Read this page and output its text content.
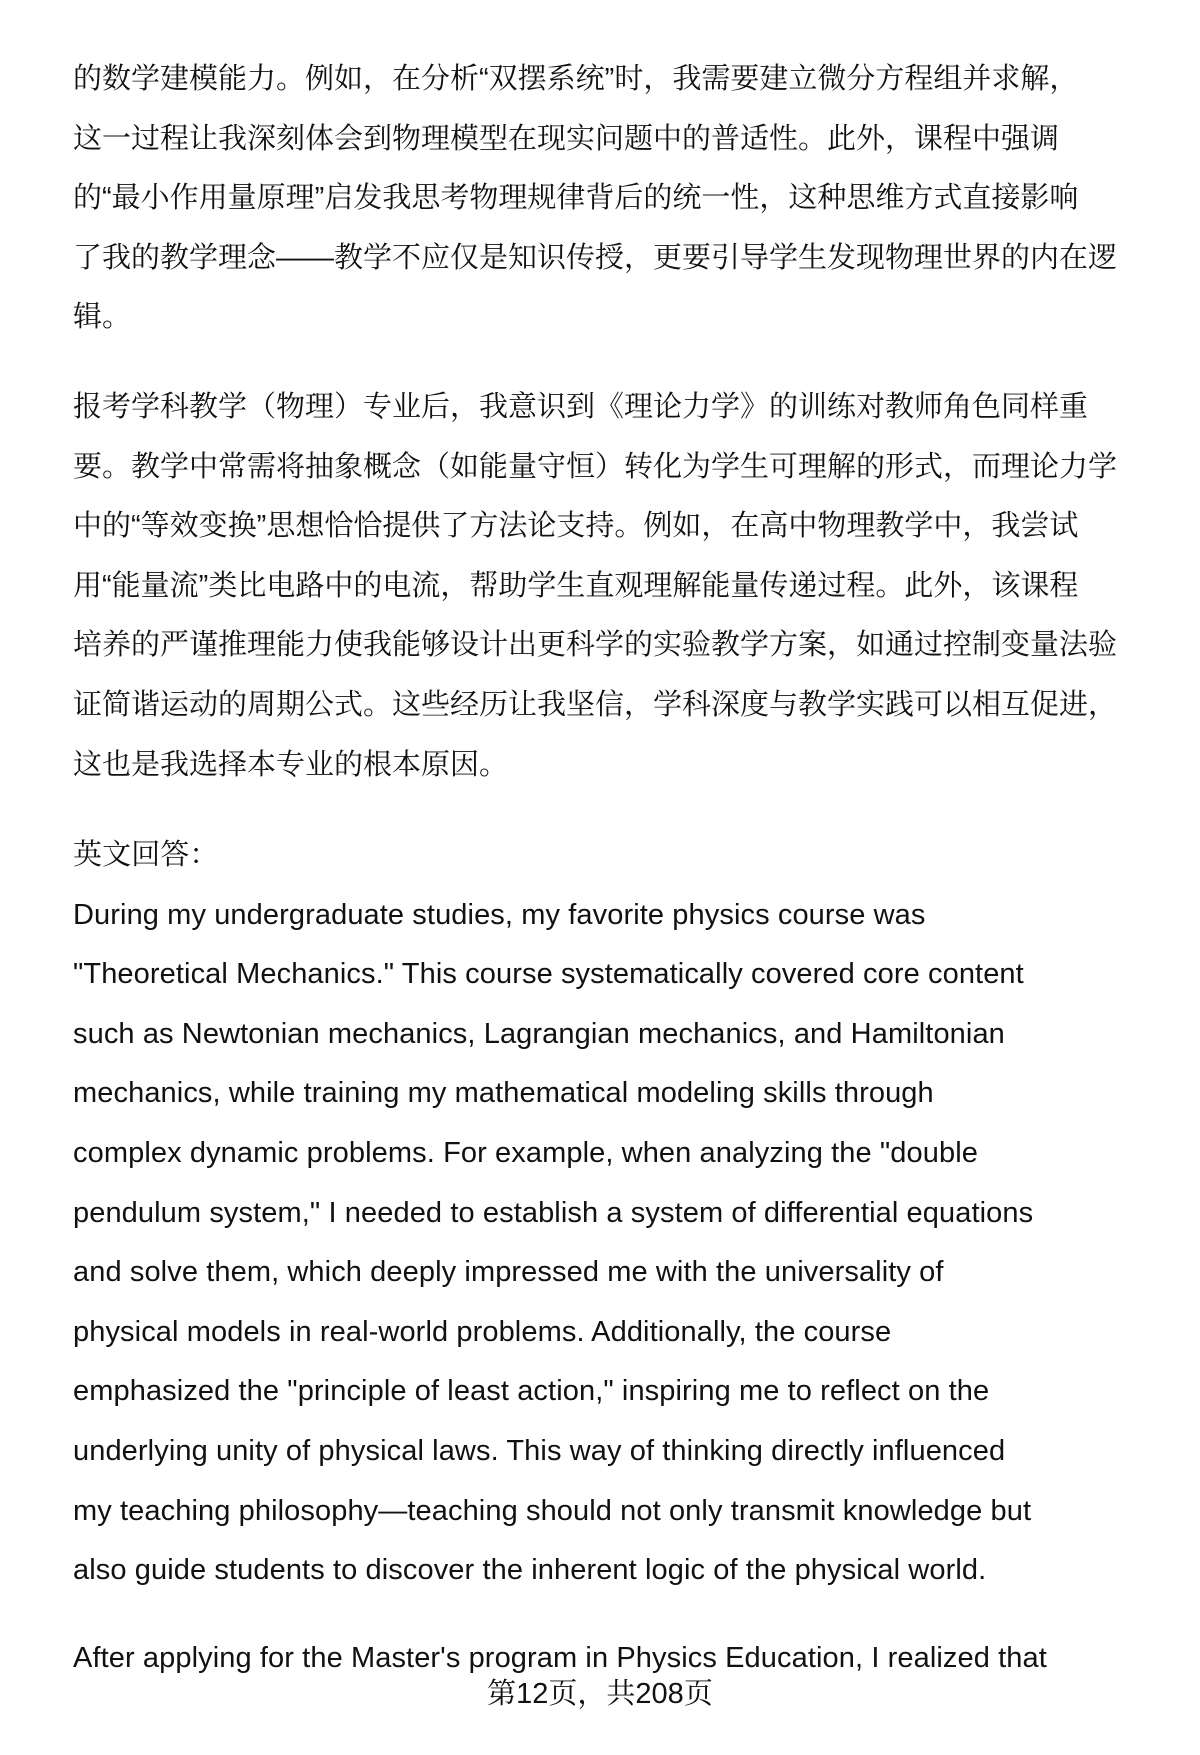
的数学建模能力。例如，在分析“双摆系统”时，我需要建立微分方程组并求解，
这一过程让我深刻体会到物理模型在现实问题中的普适性。此外，课程中强调
的“最小作用量原理”启发我思考物理规律背后的统一性，这种思维方式直接影响
了我的教学理念——教学不应仅是知识传授，更要引导学生发现物理世界的内在逻
辑。
报考学科教学（物理）专业后，我意识到《理论力学》的训练对教师角色同样重
要。教学中常需将抽象概念（如能量守恒）转化为学生可理解的形式，而理论力学
中的“等效变换”思想恰恰提供了方法论支持。例如，在高中物理教学中，我尝试
用“能量流”类比电路中的电流，帮助学生直观理解能量传递过程。此外，该课程
培养的严谨推理能力使我能够设计出更科学的实验教学方案，如通过控制变量法验
证简谐运动的周期公式。这些经历让我坚信，学科深度与教学实践可以相互促进，
这也是我选择本专业的根本原因。
英文回答：
During my undergraduate studies, my favorite physics course was
"Theoretical Mechanics." This course systematically covered core content
such as Newtonian mechanics, Lagrangian mechanics, and Hamiltonian
mechanics, while training my mathematical modeling skills through
complex dynamic problems. For example, when analyzing the "double
pendulum system," I needed to establish a system of differential equations
and solve them, which deeply impressed me with the universality of
physical models in real-world problems. Additionally, the course
emphasized the "principle of least action," inspiring me to reflect on the
underlying unity of physical laws. This way of thinking directly influenced
my teaching philosophy—teaching should not only transmit knowledge but
also guide students to discover the inherent logic of the physical world.
After applying for the Master's program in Physics Education, I realized that
第12页，共208页
